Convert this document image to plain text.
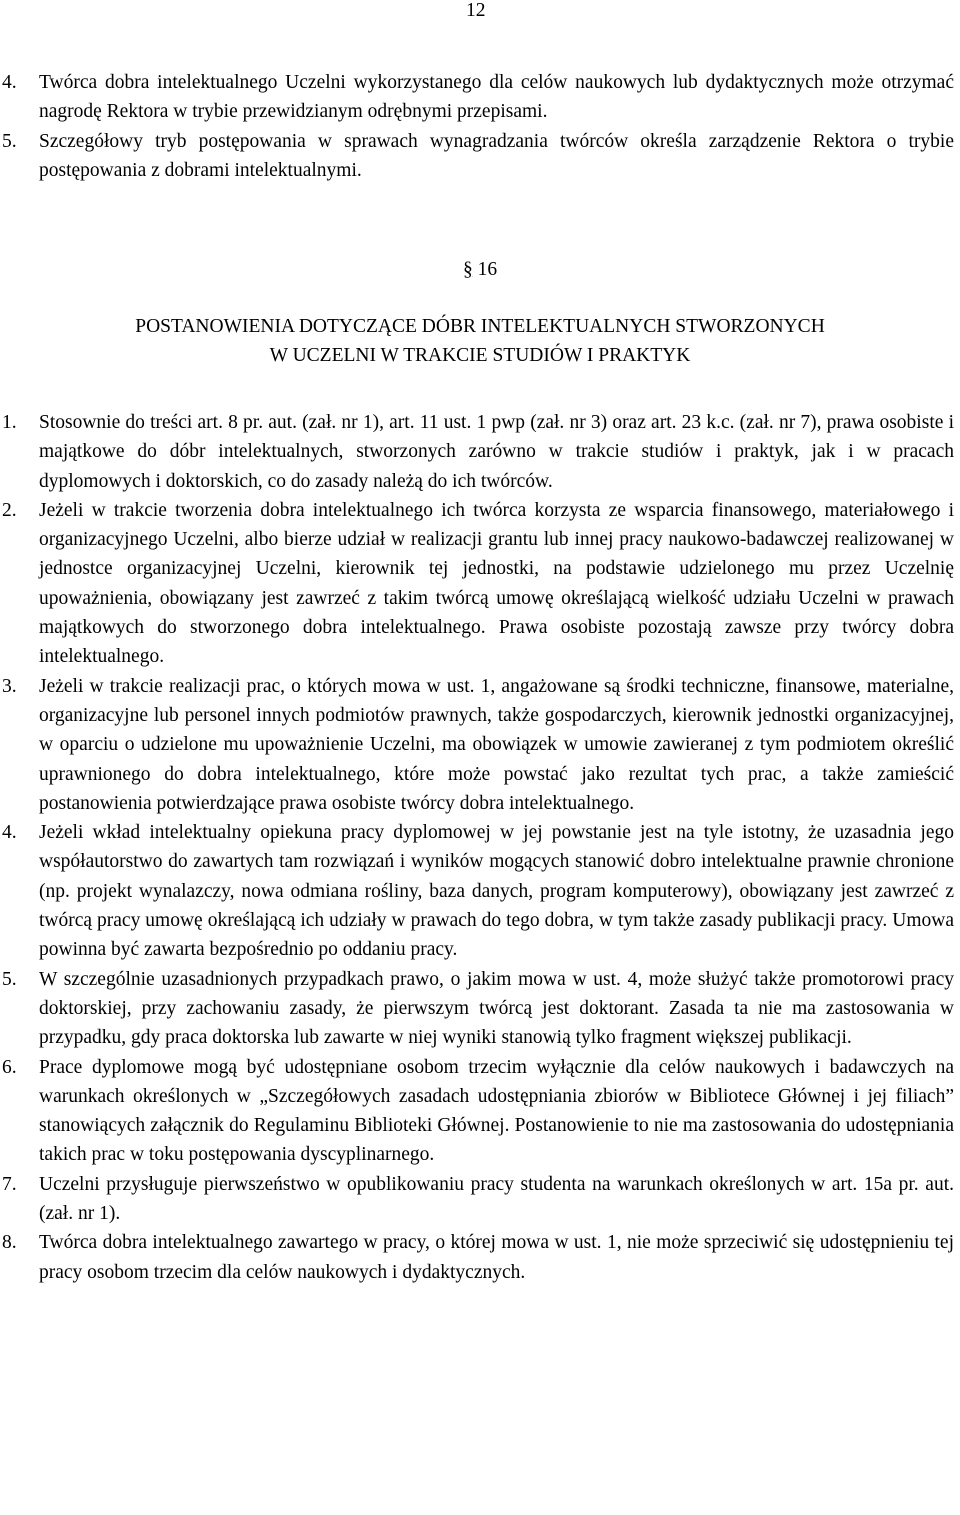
12
4. Twórca dobra intelektualnego Uczelni wykorzystanego dla celów naukowych lub dydaktycznych może otrzymać nagrodę Rektora w trybie przewidzianym odrębnymi przepisami.
5. Szczegółowy tryb postępowania w sprawach wynagradzania twórców określa zarządzenie Rektora o trybie postępowania z dobrami intelektualnymi.
§ 16
POSTANOWIENIA DOTYCZĄCE DÓBR INTELEKTUALNYCH STWORZONYCH
W UCZELNI W TRAKCIE STUDIÓW I PRAKTYK
1. Stosownie do treści art. 8 pr. aut. (zał. nr 1), art. 11 ust. 1 pwp (zał. nr 3) oraz art. 23 k.c. (zał. nr 7), prawa osobiste i majątkowe do dóbr intelektualnych, stworzonych zarówno w trakcie studiów i praktyk, jak i w pracach dyplomowych i doktorskich, co do zasady należą do ich twórców.
2. Jeżeli w trakcie tworzenia dobra intelektualnego ich twórca korzysta ze wsparcia finansowego, materiałowego i organizacyjnego Uczelni, albo bierze udział w realizacji grantu lub innej pracy naukowo-badawczej realizowanej w jednostce organizacyjnej Uczelni, kierownik tej jednostki, na podstawie udzielonego mu przez Uczelnię upoważnienia, obowiązany jest zawrzeć z takim twórcą umowę określającą wielkość udziału Uczelni w prawach majątkowych do stworzonego dobra intelektualnego. Prawa osobiste pozostają zawsze przy twórcy dobra intelektualnego.
3. Jeżeli w trakcie realizacji prac, o których mowa w ust. 1, angażowane są środki techniczne, finansowe, materialne, organizacyjne lub personel innych podmiotów prawnych, także gospodarczych, kierownik jednostki organizacyjnej, w oparciu o udzielone mu upoważnienie Uczelni, ma obowiązek w umowie zawieranej z tym podmiotem określić uprawnionego do dobra intelektualnego, które może powstać jako rezultat tych prac, a także zamieścić postanowienia potwierdzające prawa osobiste twórcy dobra intelektualnego.
4. Jeżeli wkład intelektualny opiekuna pracy dyplomowej w jej powstanie jest na tyle istotny, że uzasadnia jego współautorstwo do zawartych tam rozwiązań i wyników mogących stanowić dobro intelektualne prawnie chronione (np. projekt wynalazczy, nowa odmiana rośliny, baza danych, program komputerowy), obowiązany jest zawrzeć z twórcą pracy umowę określającą ich udziały w prawach do tego dobra, w tym także zasady publikacji pracy. Umowa powinna być zawarta bezpośrednio po oddaniu pracy.
5. W szczególnie uzasadnionych przypadkach prawo, o jakim mowa w ust. 4, może służyć także promotorowi pracy doktorskiej, przy zachowaniu zasady, że pierwszym twórcą jest doktorant. Zasada ta nie ma zastosowania w przypadku, gdy praca doktorska lub zawarte w niej wyniki stanowią tylko fragment większej publikacji.
6. Prace dyplomowe mogą być udostępniane osobom trzecim wyłącznie dla celów naukowych i badawczych na warunkach określonych w „Szczegółowych zasadach udostępniania zbiorów w Bibliotece Głównej i jej filiach” stanowiących załącznik do Regulaminu Biblioteki Głównej. Postanowienie to nie ma zastosowania do udostępniania takich prac w toku postępowania dyscyplinarnego.
7. Uczelni przysługuje pierwszeństwo w opublikowaniu pracy studenta na warunkach określonych w art. 15a pr. aut. (zał. nr 1).
8. Twórca dobra intelektualnego zawartego w pracy, o której mowa w ust. 1, nie może sprzeciwić się udostępnieniu tej pracy osobom trzecim dla celów naukowych i dydaktycznych.
